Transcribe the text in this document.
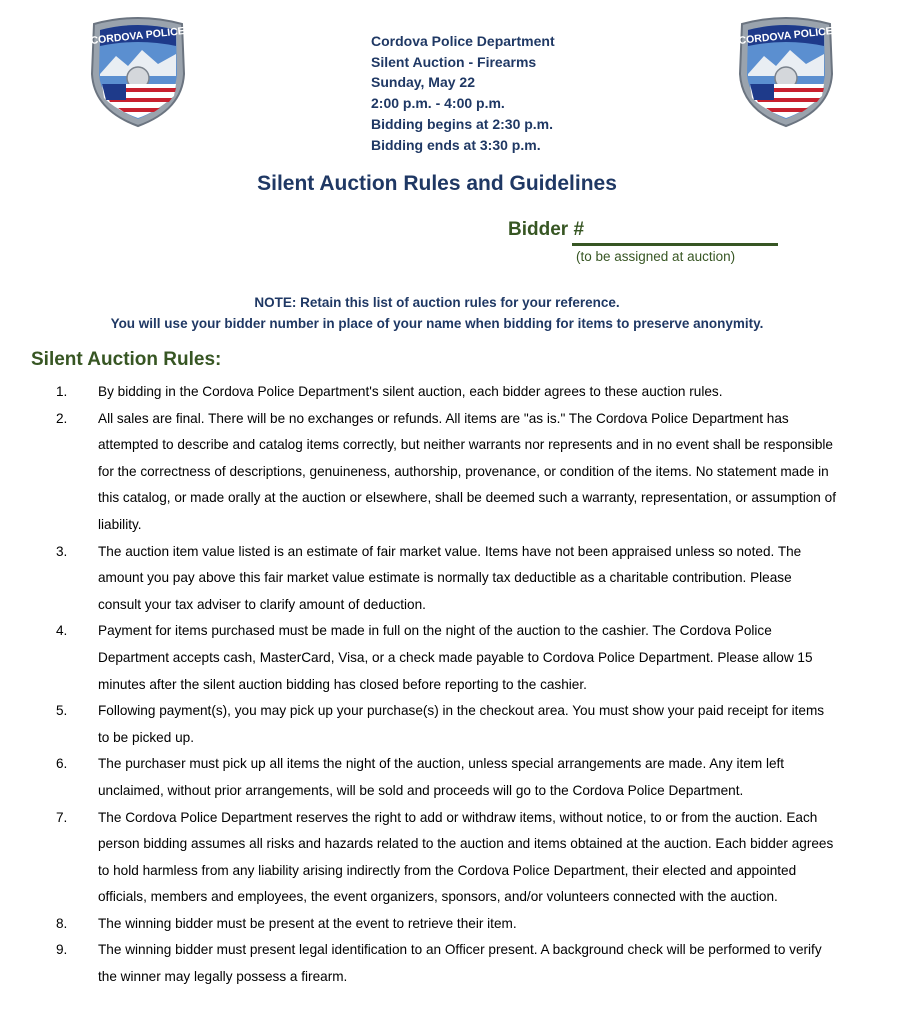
CORDOVA POLICE	CORDOVA POLICE
Cordova Police Department
Silent Auction - Firearms
Sunday, May 22
2:00 p.m. - 4:00 p.m.
Bidding begins at 2:30 p.m.
Bidding ends at 3:30 p.m.
Silent Auction Rules and Guidelines
Bidder #
(to be assigned at auction)
NOTE: Retain this list of auction rules for your reference.
You will use your bidder number in place of your name when bidding for items to preserve anonymity.
Silent Auction Rules:
1. By bidding in the Cordova Police Department's silent auction, each bidder agrees to these auction rules.
2. All sales are final. There will be no exchanges or refunds. All items are "as is." The Cordova Police Department has attempted to describe and catalog items correctly, but neither warrants nor represents and in no event shall be responsible for the correctness of descriptions, genuineness, authorship, provenance, or condition of the items. No statement made in this catalog, or made orally at the auction or elsewhere, shall be deemed such a warranty, representation, or assumption of liability.
3. The auction item value listed is an estimate of fair market value. Items have not been appraised unless so noted. The amount you pay above this fair market value estimate is normally tax deductible as a charitable contribution. Please consult your tax adviser to clarify amount of deduction.
4. Payment for items purchased must be made in full on the night of the auction to the cashier. The Cordova Police Department accepts cash, MasterCard, Visa, or a check made payable to Cordova Police Department. Please allow 15 minutes after the silent auction bidding has closed before reporting to the cashier.
5. Following payment(s), you may pick up your purchase(s) in the checkout area. You must show your paid receipt for items to be picked up.
6. The purchaser must pick up all items the night of the auction, unless special arrangements are made. Any item left unclaimed, without prior arrangements, will be sold and proceeds will go to the Cordova Police Department.
7. The Cordova Police Department reserves the right to add or withdraw items, without notice, to or from the auction. Each person bidding assumes all risks and hazards related to the auction and items obtained at the auction. Each bidder agrees to hold harmless from any liability arising indirectly from the Cordova Police Department, their elected and appointed officials, members and employees, the event organizers, sponsors, and/or volunteers connected with the auction.
8. The winning bidder must be present at the event to retrieve their item.
9. The winning bidder must present legal identification to an Officer present. A background check will be performed to verify the winner may legally possess a firearm.
